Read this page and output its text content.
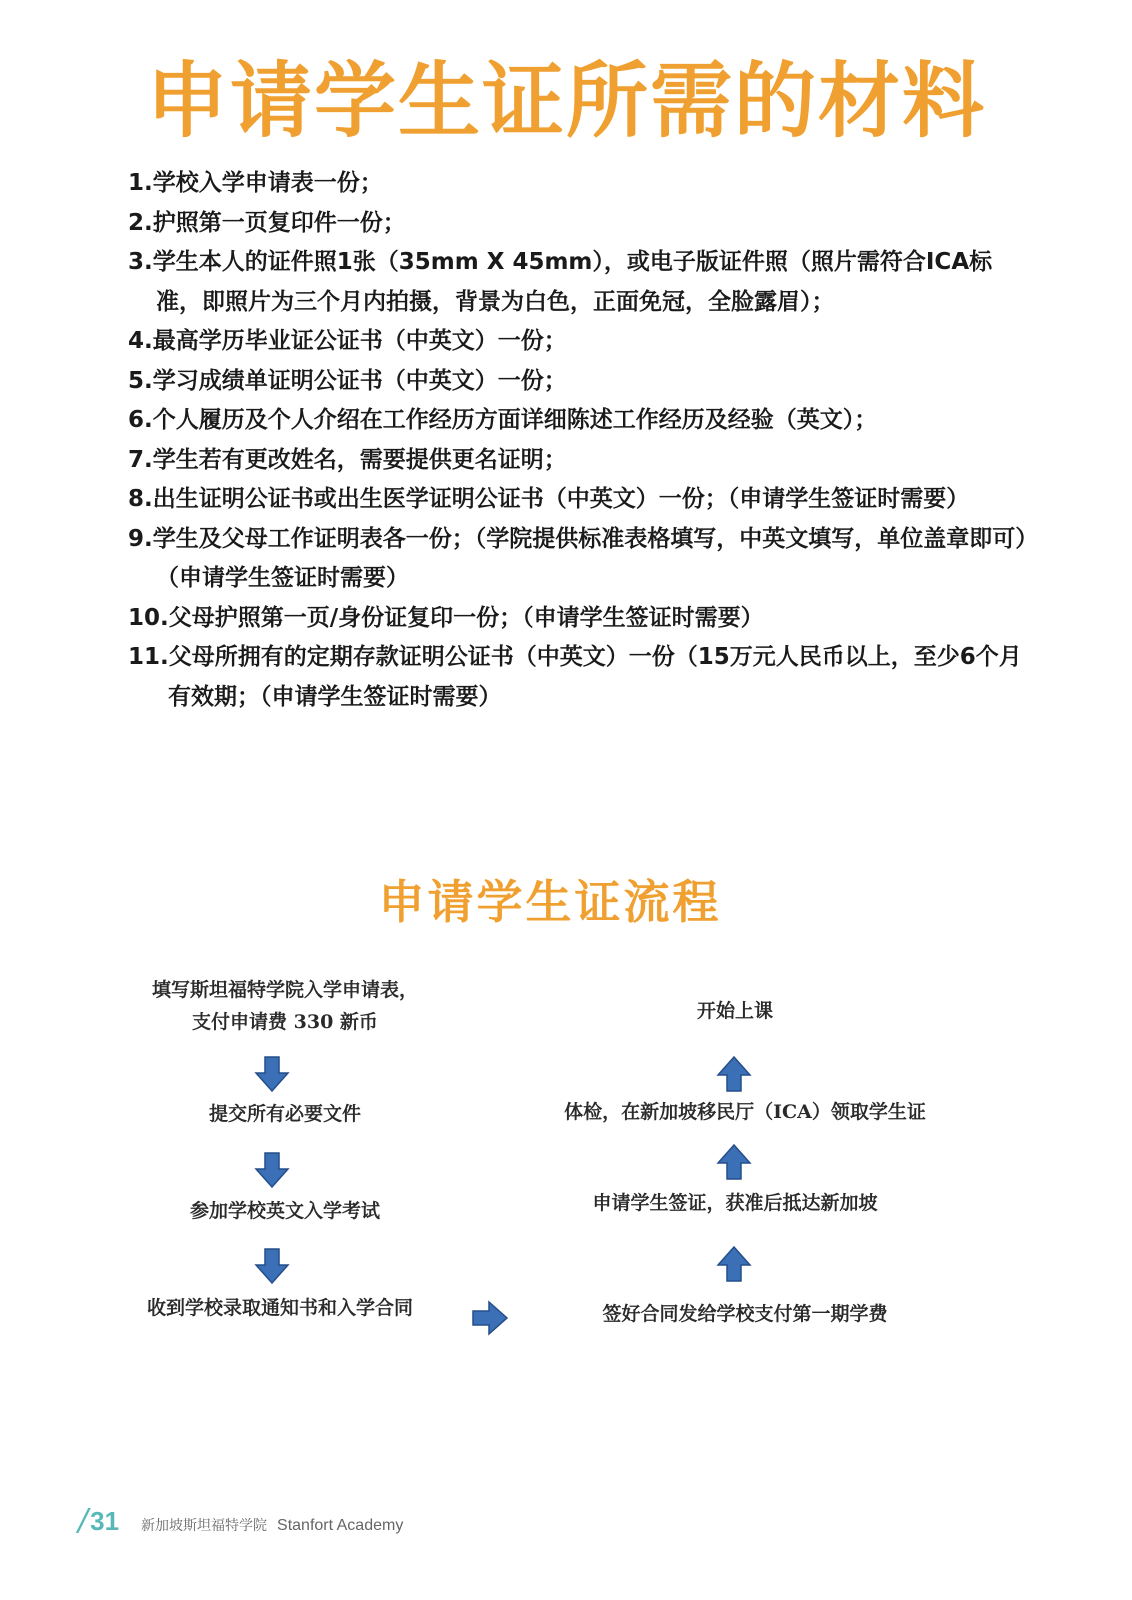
申请学生证所需的材料
1.学校入学申请表一份；
2.护照第一页复印件一份；
3.学生本人的证件照1张（35mm X 45mm），或电子版证件照（照片需符合ICA标准，即照片为三个月内拍摄，背景为白色，正面免冠，全脸露眉）；
4.最高学历毕业证公证书（中英文）一份；
5.学习成绩单证明公证书（中英文）一份；
6.个人履历及个人介绍在工作经历方面详细陈述工作经历及经验（英文）；
7.学生若有更改姓名，需要提供更名证明；
8.出生证明公证书或出生医学证明公证书（中英文）一份；（申请学生签证时需要）
9.学生及父母工作证明表各一份；（学院提供标准表格填写，中英文填写，单位盖章即可）（申请学生签证时需要）
10.父母护照第一页/身份证复印一份；（申请学生签证时需要）
11.父母所拥有的定期存款证明公证书（中英文）一份（15万元人民币以上，至少6个月有效期；（申请学生签证时需要）
申请学生证流程
填写斯坦福特学院入学申请表，
支付申请费 330 新币
提交所有必要文件
参加学校英文入学考试
收到学校录取通知书和入学合同	签好合同发给学校支付第一期学费
申请学生签证，获准后抵达新加坡
体检，在新加坡移民厅（ICA）领取学生证
开始上课
/ 31 新加坡斯坦福特学院 Stanfort Academy
